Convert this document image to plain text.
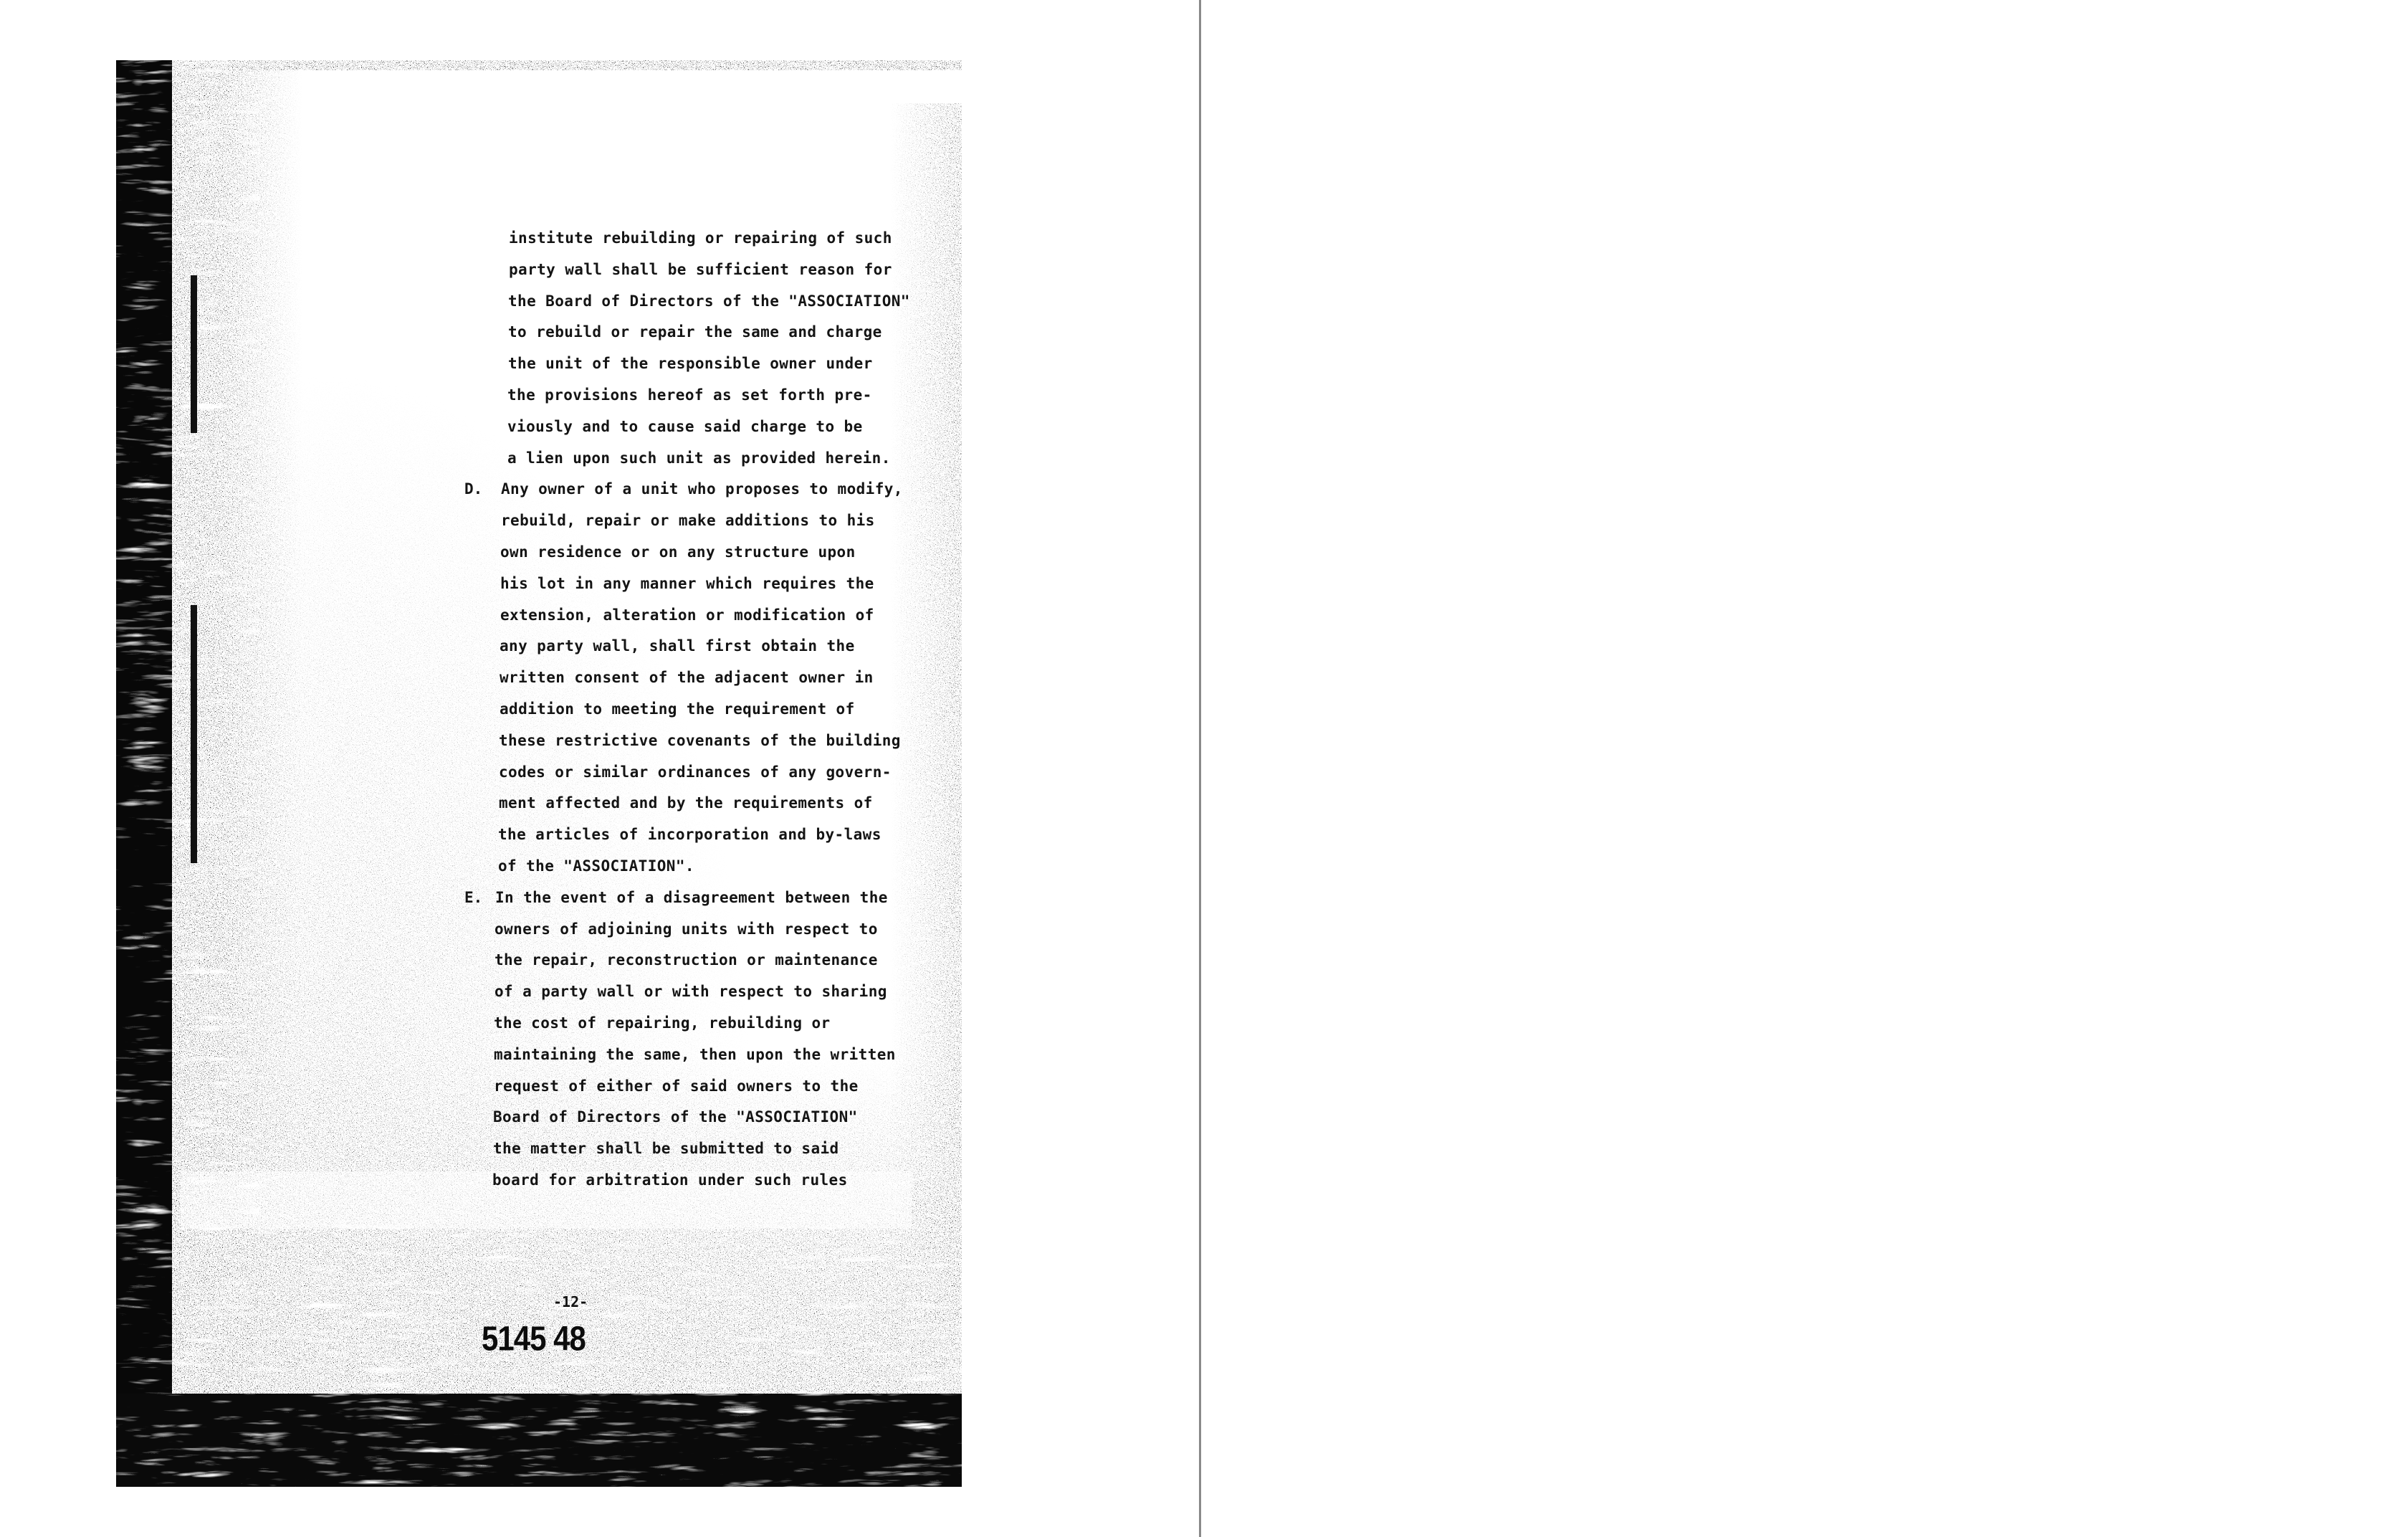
institute rebuilding or repairing of such

party wall shall be sufficient reason for

the Board of Directors of the "ASSOCIATION"

to rebuild or repair the same and charge

the unit of the responsible owner under

the provisions hereof as set forth pre-

viously and to cause said charge to be

a lien upon such unit as provided herein.

D. Any owner of a unit who proposes to modify,

rebuild, repair or make additions to his

own residence or on any structure upon

his lot in any manner which requires the

extension, alteration or modification of

any party wall, shall first obtain the

written consent of the adjacent owner in

addition to meeting the requirement of

these restrictive covenants of the building

codes or similar ordinances of any govern-

ment affected and by the requirements of

the articles of incorporation and by-laws

of the "ASSOCIATION".

E. In the event of a disagreement between the

owners of adjoining units with respect to

the repair, reconstruction or maintenance

of a party wall or with respect to sharing

the cost of repairing, rebuilding or

maintaining the same, then upon the written

request of either of said owners to the

Board of Directors of the "ASSOCIATION"

the matter shall be submitted to said

board for arbitration under such rules

-12-

5145 48
